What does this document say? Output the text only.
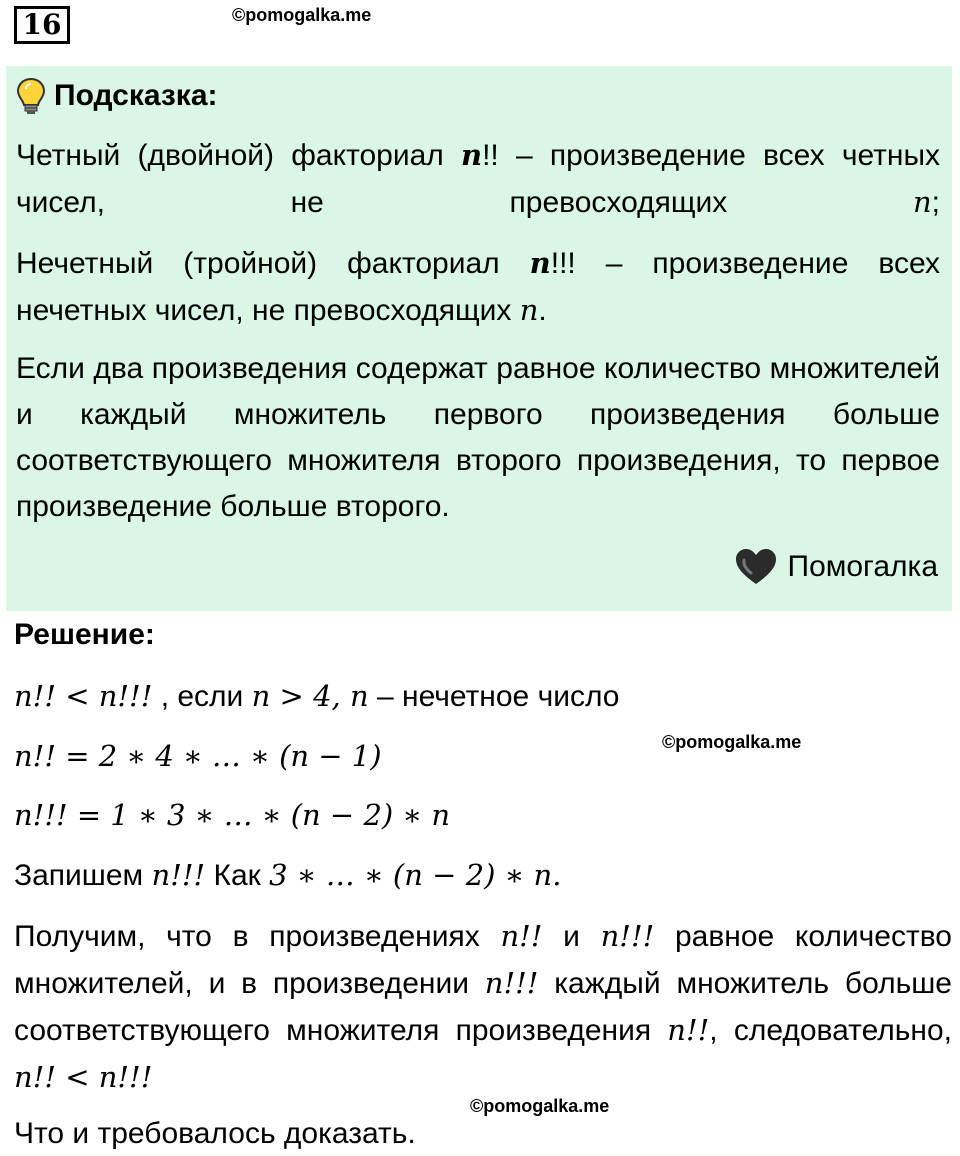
16	©pomogalka.me
Подсказка:
Четный (двойной) факториал n!! – произведение всех четных чисел, не превосходящих n;
Нечетный (тройной) факториал n!!! – произведение всех нечетных чисел, не превосходящих n.
Если два произведения содержат равное количество множителей и каждый множитель первого произведения больше соответствующего множителя второго произведения, то первое произведение больше второго.
Помогалка
Решение:
n!! < n!!! , если n > 4, n – нечетное число
©pomogalka.me
n!! = 2 ∗ 4 ∗ … ∗ (n − 1)
n!!! = 1 ∗ 3 ∗ … ∗ (n − 2) ∗ n
Запишем n!!! Как 3 ∗ … ∗ (n − 2) ∗ n.
Получим, что в произведениях n!! и n!!! равное количество множителей, и в произведении n!!! каждый множитель больше соответствующего множителя произведения n!!, следовательно, n!! < n!!!
©pomogalka.me
Что и требовалось доказать.
